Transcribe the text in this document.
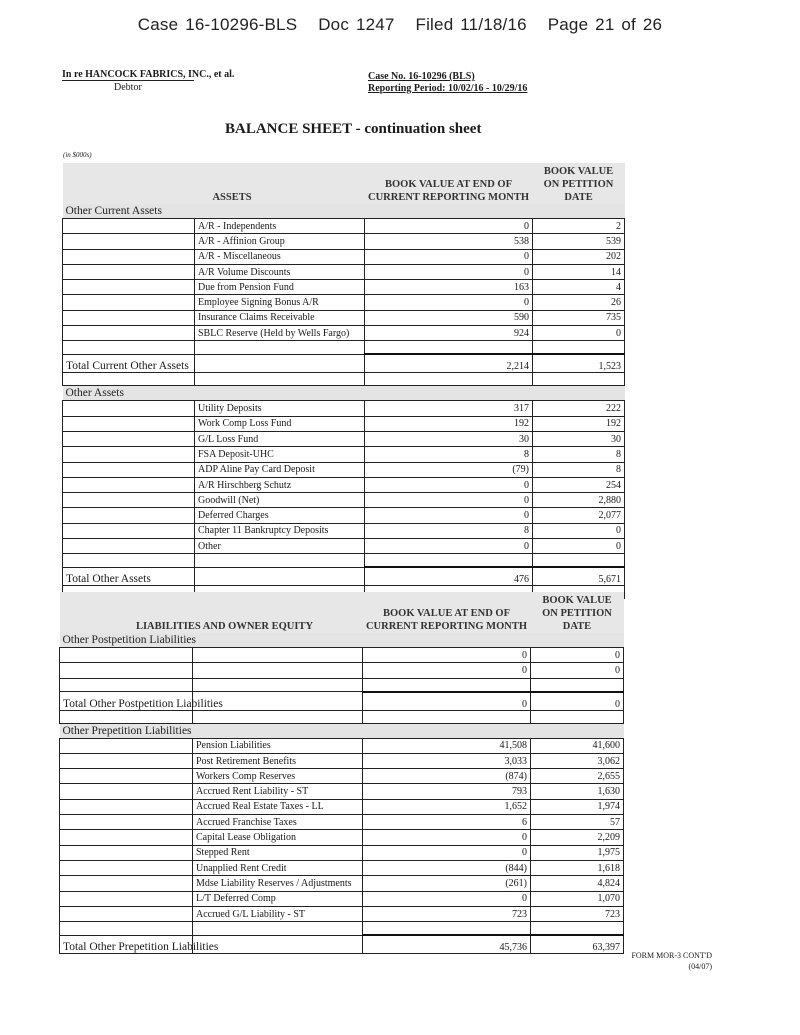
Case 16-10296-BLS Doc 1247 Filed 11/18/16 Page 21 of 26
In re HANCOCK FABRICS, INC., et al.
Debtor
Case No. 16-10296 (BLS)
Reporting Period: 10/02/16 - 10/29/16
BALANCE SHEET - continuation sheet
(in $000s)
ASSETS		BOOK VALUE AT END OF CURRENT REPORTING MONTH	BOOK VALUE ON PETITION DATE
Other Current Assets			
	A/R - Independents	0	2
	A/R - Affinion Group	538	539
	A/R - Miscellaneous	0	202
	A/R Volume Discounts	0	14
	Due from Pension Fund	163	4
	Employee Signing Bonus A/R	0	26
	Insurance Claims Receivable	590	735
	SBLC Reserve (Held by Wells Fargo)	924	0

Total Current Other Assets		2,214	1,523

Other Assets			
	Utility Deposits	317	222
	Work Comp Loss Fund	192	192
	G/L Loss Fund	30	30
	FSA Deposit-UHC	8	8
	ADP Aline Pay Card Deposit	(79)	8
	A/R Hirschberg Schutz	0	254
	Goodwill (Net)	0	2,880
	Deferred Charges	0	2,077
	Chapter 11 Bankruptcy Deposits	8	0
	Other	0	0

Total Other Assets		476	5,671

LIABILITIES AND OWNER EQUITY		BOOK VALUE AT END OF CURRENT REPORTING MONTH	BOOK VALUE ON PETITION DATE
Other Postpetition Liabilities			
		0	0
		0	0

Total Other Postpetition Liabilities		0	0

Other Prepetition Liabilities			
	Pension Liabilities	41,508	41,600
	Post Retirement Benefits	3,033	3,062
	Workers Comp Reserves	(874)	2,655
	Accrued Rent Liability - ST	793	1,630
	Accrued Real Estate Taxes - LL	1,652	1,974
	Accrued Franchise Taxes	6	57
	Capital Lease Obligation	0	2,209
	Stepped Rent	0	1,975
	Unapplied Rent Credit	(844)	1,618
	Mdse Liability Reserves / Adjustments	(261)	4,824
	L/T Deferred Comp	0	1,070
	Accrued G/L Liability - ST	723	723

Total Other Prepetition Liabilities		45,736	63,397
FORM MOR-3 CONT'D
(04/07)
